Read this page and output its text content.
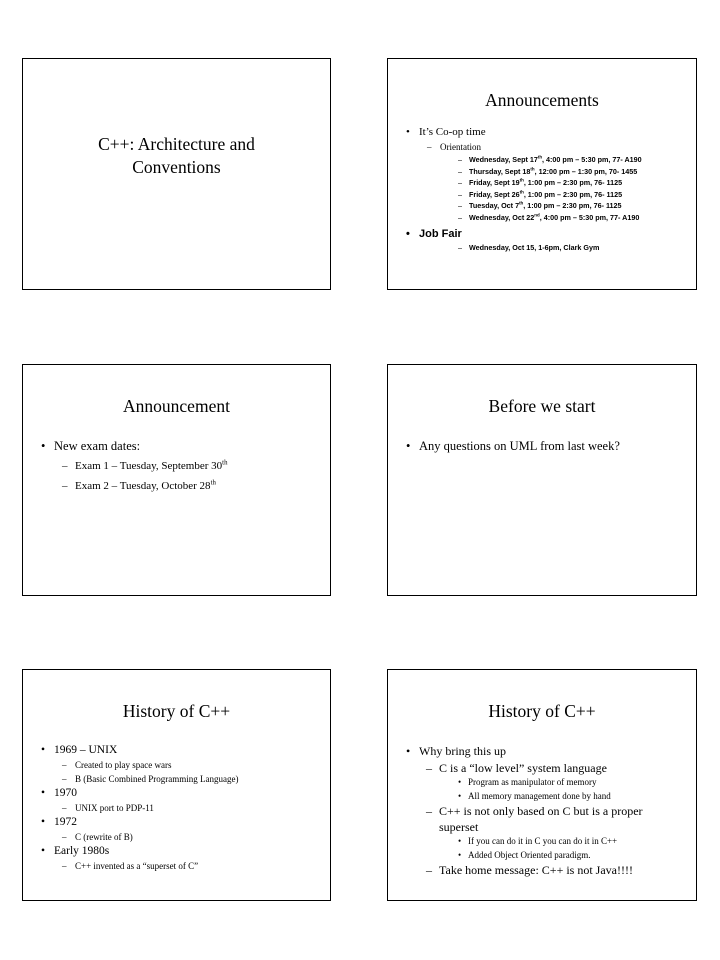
C++: Architecture and
Conventions
Announcements
• It’s Co-op time
– Orientation
– Wednesday, Sept 17th, 4:00 pm – 5:30 pm, 77- A190
– Thursday, Sept 18th, 12:00 pm – 1:30 pm, 70- 1455
– Friday, Sept 19th, 1:00 pm – 2:30 pm, 76- 1125
– Friday, Sept 26th, 1:00 pm – 2:30 pm, 76- 1125
– Tuesday, Oct 7th, 1:00 pm – 2:30 pm, 76- 1125
– Wednesday, Oct 22nd, 4:00 pm – 5:30 pm, 77- A190
• Job Fair
– Wednesday, Oct 15, 1-6pm, Clark Gym
Announcement
• New exam dates:
– Exam 1 – Tuesday, September 30th
– Exam 2 – Tuesday, October 28th
Before we start
• Any questions on UML from last week?
History of C++
• 1969 – UNIX
– Created to play space wars
– B (Basic Combined Programming Language)
• 1970
– UNIX port to PDP-11
• 1972
– C (rewrite of B)
• Early 1980s
– C++ invented as a “superset of C”
History of C++
• Why bring this up
– C is a “low level” system language
• Program as manipulator of memory
• All memory management done by hand
– C++ is not only based on C but is a proper superset
• If you can do it in C you can do it in C++
• Added Object Oriented paradigm.
– Take home message: C++ is not Java!!!!
